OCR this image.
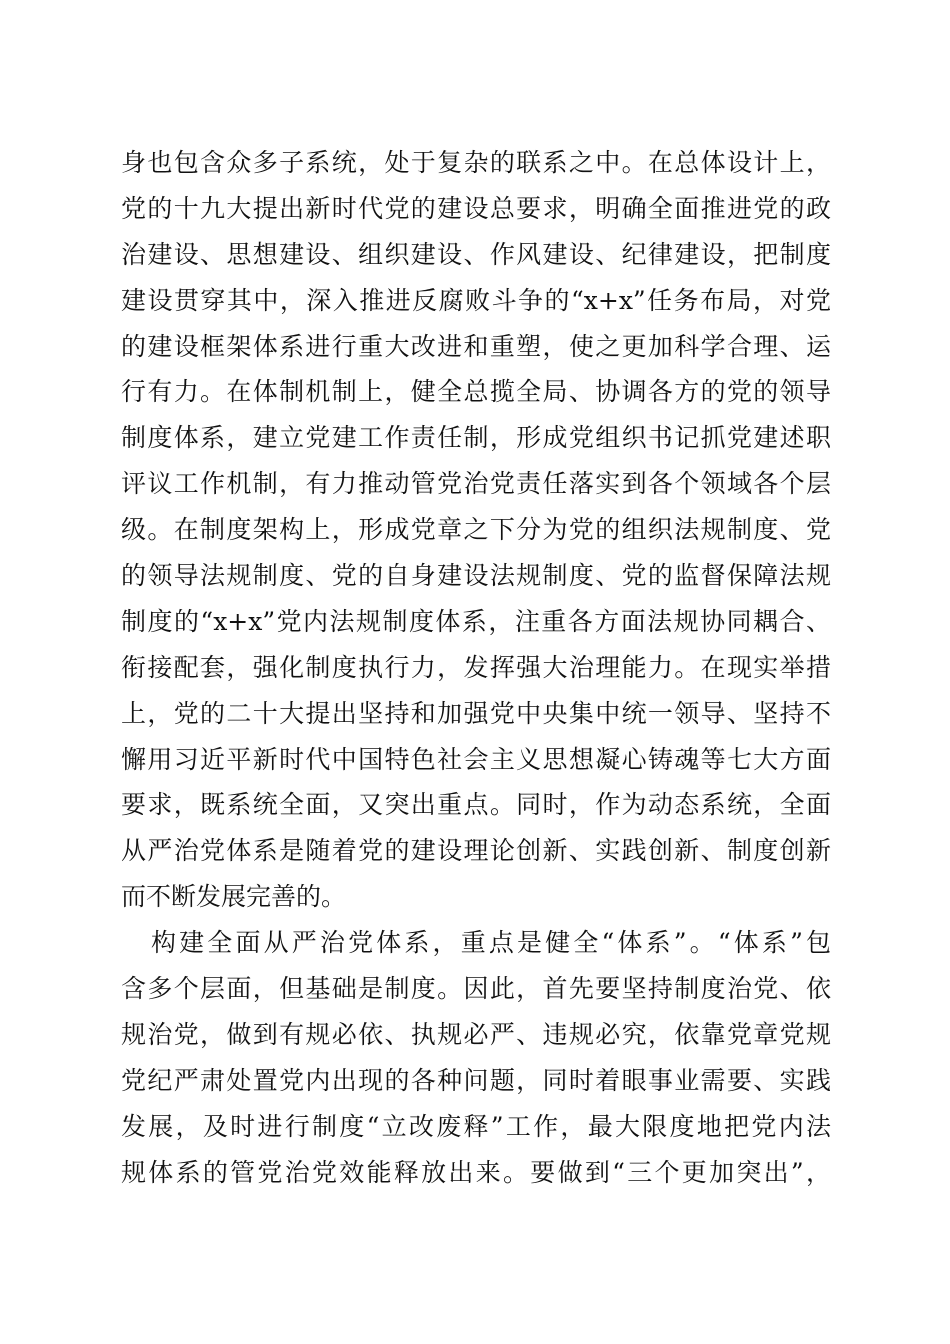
身也包含众多子系统，处于复杂的联系之中。在总体设计上，
党的十九大提出新时代党的建设总要求，明确全面推进党的政
治建设、思想建设、组织建设、作风建设、纪律建设，把制度
建设贯穿其中，深入推进反腐败斗争的“x+x”任务布局，对党
的建设框架体系进行重大改进和重塑，使之更加科学合理、运
行有力。在体制机制上，健全总揽全局、协调各方的党的领导
制度体系，建立党建工作责任制，形成党组织书记抓党建述职
评议工作机制，有力推动管党治党责任落实到各个领域各个层
级。在制度架构上，形成党章之下分为党的组织法规制度、党
的领导法规制度、党的自身建设法规制度、党的监督保障法规
制度的“x+x”党内法规制度体系，注重各方面法规协同耦合、
衔接配套，强化制度执行力，发挥强大治理能力。在现实举措
上，党的二十大提出坚持和加强党中央集中统一领导、坚持不
懈用习近平新时代中国特色社会主义思想凝心铸魂等七大方面
要求，既系统全面，又突出重点。同时，作为动态系统，全面
从严治党体系是随着党的建设理论创新、实践创新、制度创新
而不断发展完善的。
构建全面从严治党体系，重点是健全“体系”。“体系”包
含多个层面，但基础是制度。因此，首先要坚持制度治党、依
规治党，做到有规必依、执规必严、违规必究，依靠党章党规
党纪严肃处置党内出现的各种问题，同时着眼事业需要、实践
发展，及时进行制度“立改废释”工作，最大限度地把党内法
规体系的管党治党效能释放出来。要做到“三个更加突出”，
